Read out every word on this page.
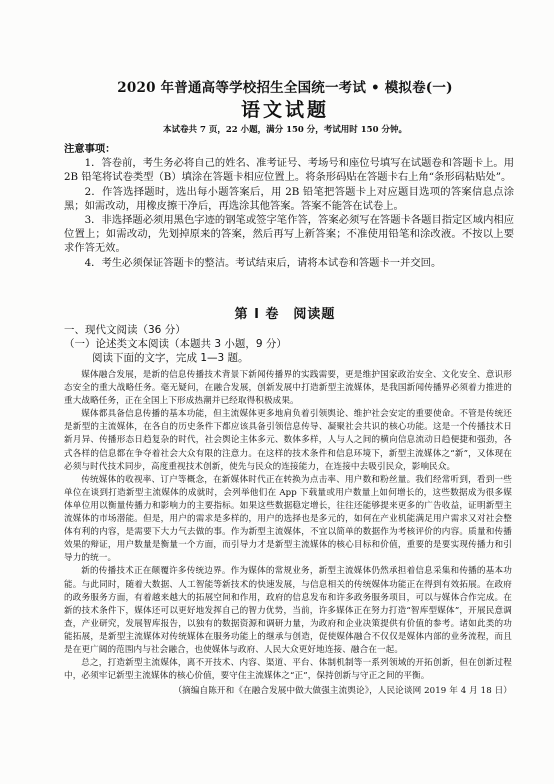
2020 年普通高等学校招生全国统一考试 • 模拟卷(一)
语文试题
本试卷共 7 页，22 小题，满分 150 分，考试用时 150 分钟。
注意事项：

1．答卷前，考生务必将自己的姓名、准考证号、考场号和座位号填写在试题卷和答题卡上。用 2B 铅笔将试卷类型（B）填涂在答题卡相应位置上。将条形码贴在答题卡右上角“条形码粘贴处”。

2．作答选择题时，选出每小题答案后，用 2B 铅笔把答题卡上对应题目选项的答案信息点涂黑；如需改动，用橡皮擦干净后，再选涂其他答案。答案不能答在试卷上。

3．非选择题必须用黑色字迹的钢笔或签字笔作答，答案必须写在答题卡各题目指定区域内相应位置上；如需改动，先划掉原来的答案，然后再写上新答案；不准使用铅笔和涂改液。不按以上要求作答无效。

4．考生必须保证答题卡的整洁。考试结束后，请将本试卷和答题卡一并交回。

第 I 卷　阅读题
一、现代文阅读（36 分）
（一）论述类文本阅读（本题共 3 小题，9 分）
阅读下面的文字，完成 1—3 题。

媒体融合发展，是新的信息传播技术背景下新闻传播界的实践需要，更是维护国家政治安全、文化安全、意识形态安全的重大战略任务。毫无疑问，在融合发展，创新发展中打造新型主流媒体，是我国新闻传播界必须着力推进的重大战略任务，正在全国上下形成热潮并已经取得积极成果。

媒体都具备信息传播的基本功能，但主流媒体更多地肩负着引领舆论、维护社会安定的重要使命。不管是传统还是新型的主流媒体，在各自的历史条件下都应该具备引领信息传导、凝聚社会共识的核心功能。这是一个传播技术日新月异、传播形态日趋复杂的时代，社会舆论主体多元、数体多样，人与人之间的横向信息流动日趋便捷和强劲，各式各样的信息都在争夺着社会大众有限的注意力。在这样的技术条件和信息环境下，新型主流媒体之“新”，又体现在必须与时代技术同步，高度重视技术创新，使先与民众的连接能力，在连接中去吸引民众，影响民众。

传统媒体的收视率、订户等概念，在新媒体时代正在转换为点击率、用户数和粉丝量。我们经常听到，看到一些单位在谈到打造新型主流媒体的成就时，会列举他们在 App 下载量或用户数量上如何增长的，这些数据成为很多媒体单位用以衡量传播力和影响力的主要指标。如果这些数据稳定增长，往往还能够提来更多的广告收益，证明新型主流媒体的市场潜能。但是，用户的需求是多样的，用户的选择也是多元的，如何在产业机能满足用户需求又对社会整体有利的内容，是需要下大力气去做的事。作为新型主流媒体，不宜以简单的数据作为考核评价的内容。质量和传播效果的辩证，用户数量是衡量一个方面，而引导力才是新型主流媒体的核心目标和价值，重要的是要实现传播力和引导力的统一。

新的传播技术正在颠覆许多传统边界。作为媒体的常规业务，新型主流媒体仍然承担着信息采集和传播的基本功能。与此同时，随着大数据、人工智能等新技术的快速发展，与信息相关的传统媒体功能正在得到有效拓展。在政府的政务服务方面，有着越来越大的拓展空间和作用，政府的信息发布和许多政务服务项目，可以与媒体合作完成。在新的技术条件下，媒体还可以更好地发挥自己的智力优势，当前，许多媒体正在努力打造“智库型媒体”，开展民意调查，产业研究，发展智库报告，以独有的数据资源和调研力量，为政府和企业决策提供有价值的参考。诸如此类的功能拓展，是新型主流媒体对传统媒体在服务功能上的继承与创造，促使媒体融合不仅仅是媒体内部的业务流程，而且是在更广阔的范围内与社会融合，也使媒体与政府、人民大众更好地连接、融合在一起。

总之，打造新型主流媒体，离不开技术、内容、渠道、平台、体制机制等一系列领域的开拓创新，但在创新过程中，必须牢记新型主流媒体的核心价值，要守住主流媒体之“正”，保持创新与守正之间的平衡。

（摘编自陈开和《在融合发展中做大做强主流舆论》，人民论谈网 2019 年 4 月 18 日）
